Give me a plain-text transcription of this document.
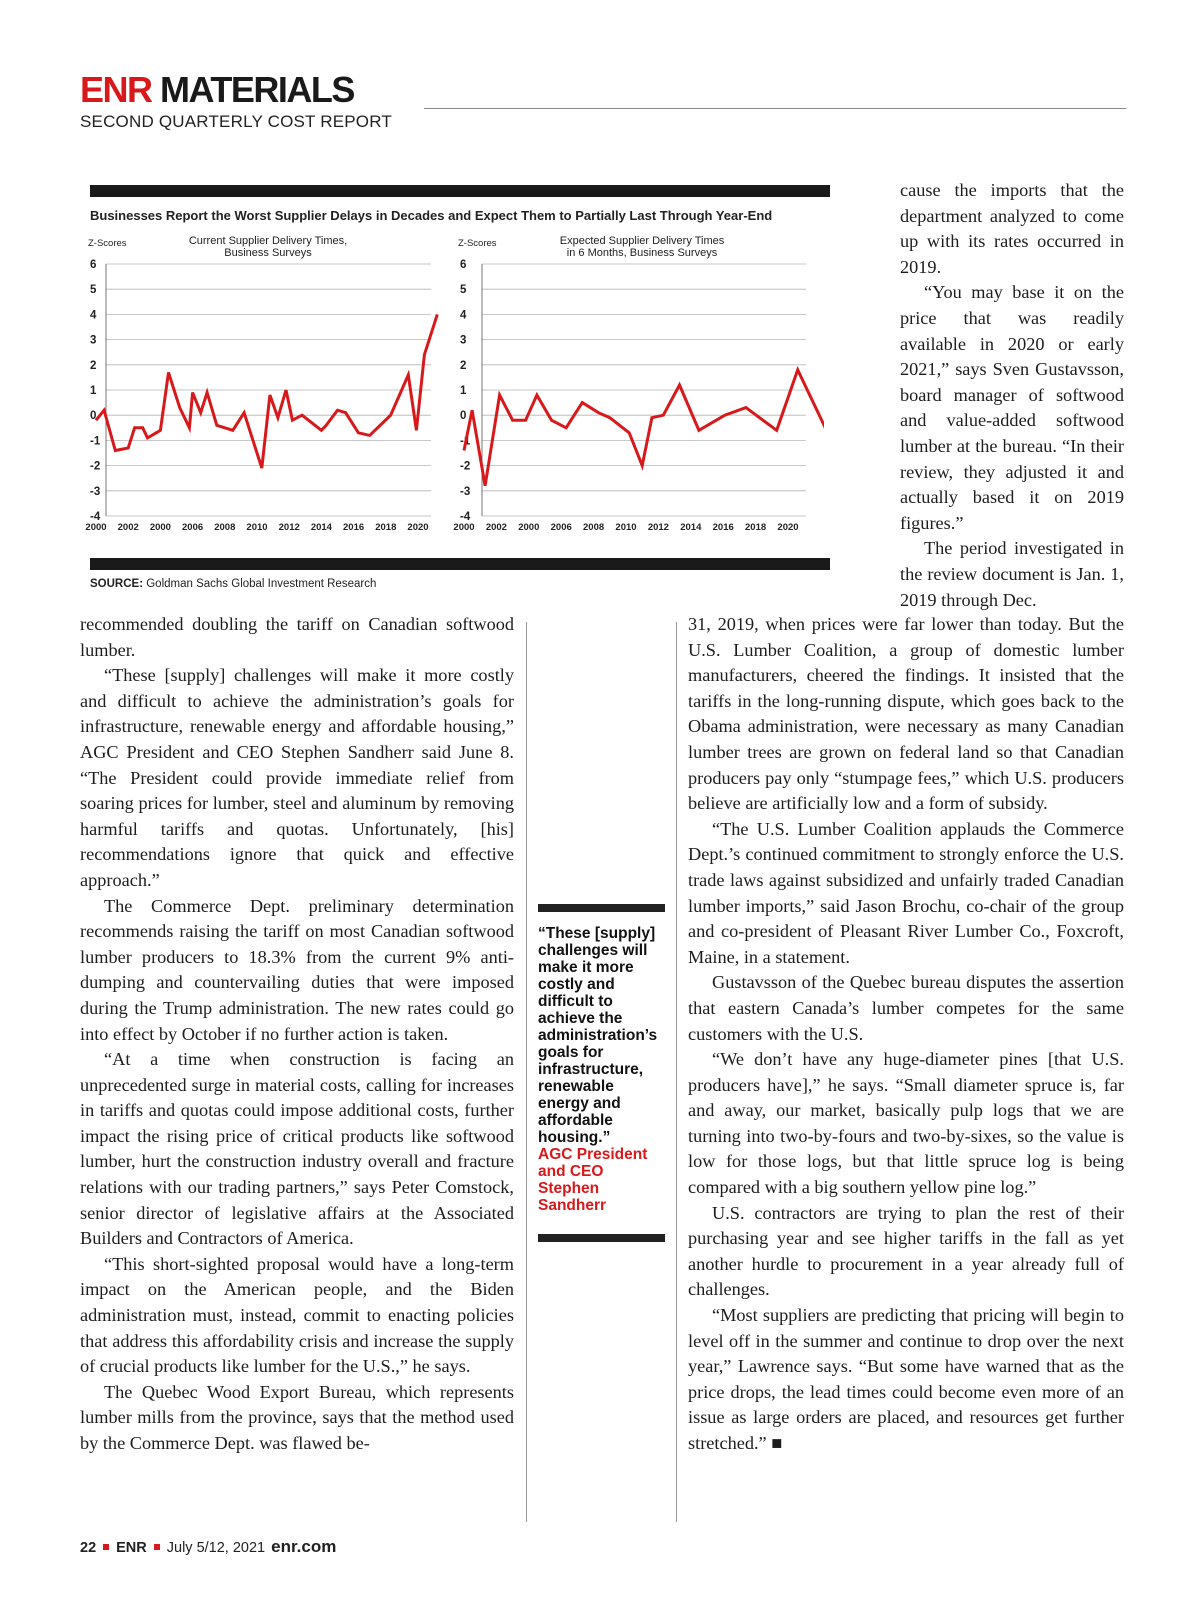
ENR MATERIALS
SECOND QUARTERLY COST REPORT
Businesses Report the Worst Supplier Delays in Decades and Expect Them to Partially Last Through Year-End
Z-Scores	Current Supplier Delivery Times,
Business Surveys
6
5
4
3
2
1
0
-1
-2
-3
-4
2000 2002 2000 2006 2008 2010 2012 2014 2016 2018 2020
Z-Scores	Expected Supplier Delivery Times
in 6 Months, Business Surveys
6
5
4
3
2
1
0
-1
-2
-3
-4
2000 2002 2000 2006 2008 2010 2012 2014 2016 2018 2020
SOURCE: Goldman Sachs Global Investment Research

cause the imports that the department analyzed to come up with its rates occurred in 2019.

“You may base it on the price that was readily available in 2020 or early 2021,” says Sven Gustavsson, board manager of softwood and value-added softwood lumber at the bureau. “In their review, they adjusted it and actually based it on 2019 figures.”

The period investigated in the review document is Jan. 1, 2019 through Dec.

recommended doubling the tariff on Canadian softwood lumber.

“These [supply] challenges will make it more costly and difficult to achieve the administration’s goals for infrastructure, renewable energy and affordable housing,” AGC President and CEO Stephen Sandherr said June 8. “The President could provide immediate relief from soaring prices for lumber, steel and aluminum by removing harmful tariffs and quotas. Unfortunately, [his] recommendations ignore that quick and effective approach.”

The Commerce Dept. preliminary determination recommends raising the tariff on most Canadian softwood lumber producers to 18.3% from the current 9% anti-dumping and countervailing duties that were imposed during the Trump administration. The new rates could go into effect by October if no further action is taken.

“At a time when construction is facing an unprecedented surge in material costs, calling for increases in tariffs and quotas could impose additional costs, further impact the rising price of critical products like softwood lumber, hurt the construction industry overall and fracture relations with our trading partners,” says Peter Comstock, senior director of legislative affairs at the Associated Builders and Contractors of America.

“This short-sighted proposal would have a long-term impact on the American people, and the Biden administration must, instead, commit to enacting policies that address this affordability crisis and increase the supply of crucial products like lumber for the U.S.,” he says.

The Quebec Wood Export Bureau, which represents lumber mills from the province, says that the method used by the Commerce Dept. was flawed be-

“These [supply] challenges will make it more costly and difficult to achieve the administration’s goals for infrastructure, renewable energy and affordable housing.”
AGC President and CEO Stephen Sandherr

31, 2019, when prices were far lower than today. But the U.S. Lumber Coalition, a group of domestic lumber manufacturers, cheered the findings. It insisted that the tariffs in the long-running dispute, which goes back to the Obama administration, were necessary as many Canadian lumber trees are grown on federal land so that Canadian producers pay only “stumpage fees,” which U.S. producers believe are artificially low and a form of subsidy.

“The U.S. Lumber Coalition applauds the Commerce Dept.’s continued commitment to strongly enforce the U.S. trade laws against subsidized and unfairly traded Canadian lumber imports,” said Jason Brochu, co-chair of the group and co-president of Pleasant River Lumber Co., Foxcroft, Maine, in a statement.

Gustavsson of the Quebec bureau disputes the assertion that eastern Canada’s lumber competes for the same customers with the U.S.

“We don’t have any huge-diameter pines [that U.S. producers have],” he says. “Small diameter spruce is, far and away, our market, basically pulp logs that we are turning into two-by-fours and two-by-sixes, so the value is low for those logs, but that little spruce log is being compared with a big southern yellow pine log.”

U.S. contractors are trying to plan the rest of their purchasing year and see higher tariffs in the fall as yet another hurdle to procurement in a year already full of challenges.

“Most suppliers are predicting that pricing will begin to level off in the summer and continue to drop over the next year,” Lawrence says. “But some have warned that as the price drops, the lead times could become even more of an issue as large orders are placed, and resources get further stretched.” ■

22 ENR July 5/12, 2021 enr.com
